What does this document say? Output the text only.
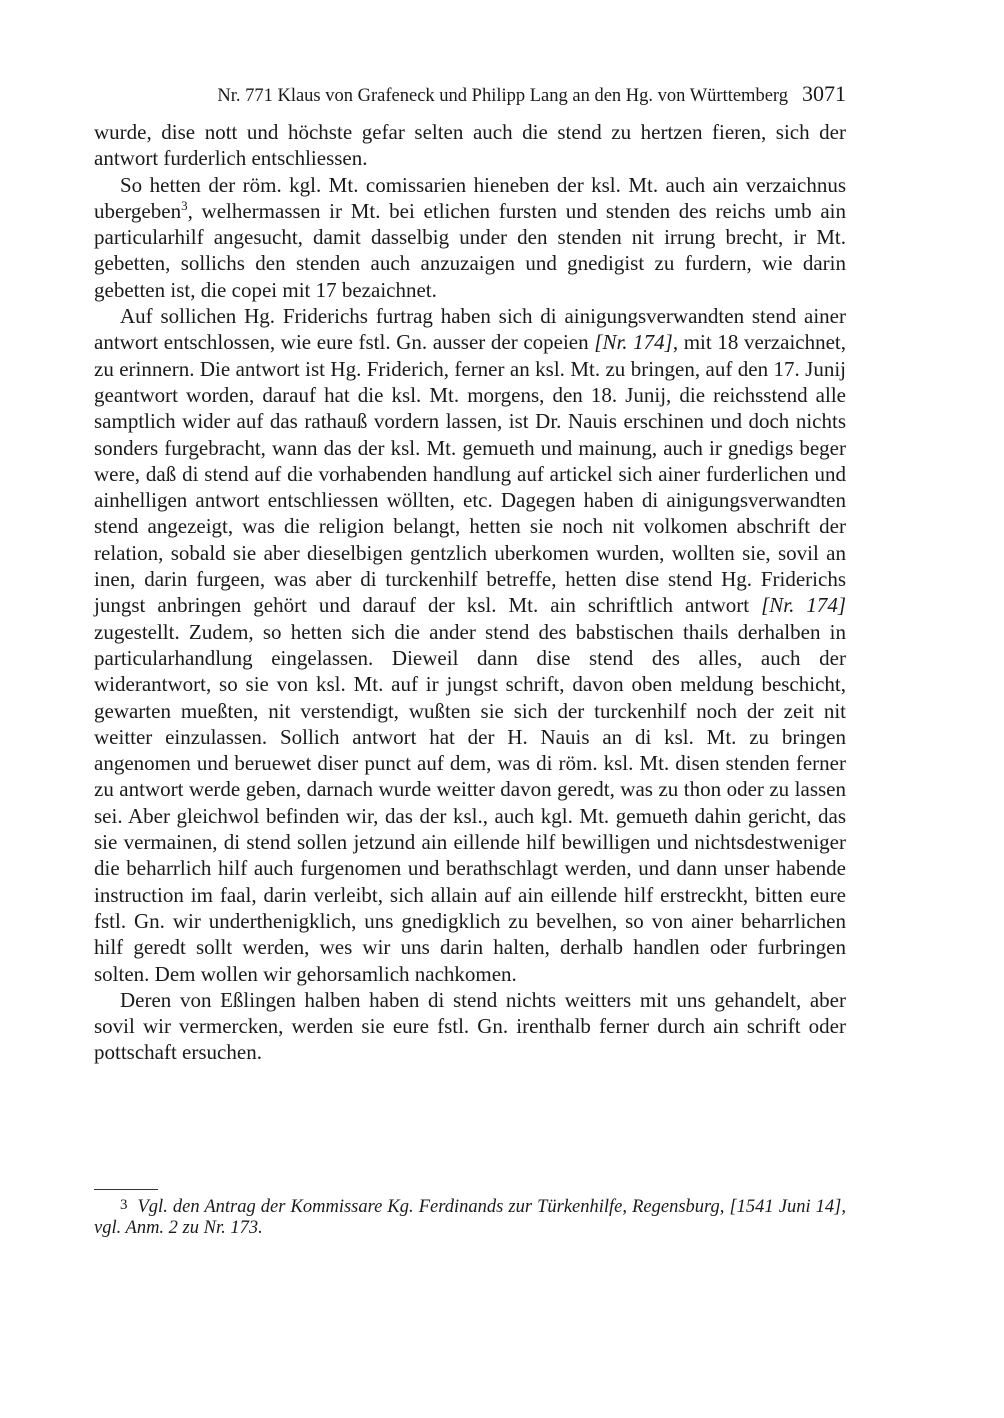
Nr. 771 Klaus von Grafeneck und Philipp Lang an den Hg. von Württemberg 3071

wurde, dise nott und höchste gefar selten auch die stend zu hertzen fieren, sich der antwort furderlich entschliessen.

So hetten der röm. kgl. Mt. comissarien hieneben der ksl. Mt. auch ain verzaichnus ubergeben$^3$, welhermassen ir Mt. bei etlichen fursten und stenden des reichs umb ain particularhilf angesucht, damit dasselbig under den stenden nit irrung brecht, ir Mt. gebetten, sollichs den stenden auch anzuzaigen und gnedigist zu furdern, wie darin gebetten ist, die copei mit 17 bezaichnet.

Auf sollichen Hg. Friderichs furtrag haben sich di ainigungsverwandten stend ainer antwort entschlossen, wie eure fstl. Gn. ausser der copeien [Nr. 174], mit 18 verzaichnet, zu erinnern. Die antwort ist Hg. Friderich, ferner an ksl. Mt. zu bringen, auf den 17. Junij geantwort worden, darauf hat die ksl. Mt. morgens, den 18. Junij, die reichsstend alle samptlich wider auf das rathauß vordern lassen, ist Dr. Nauis erschinen und doch nichts sonders furgebracht, wann das der ksl. Mt. gemueth und mainung, auch ir gnedigs beger were, daß di stend auf die vorhabenden handlung auf artickel sich ainer furderlichen und ainhelligen antwort entschliessen wöllten, etc. Dagegen haben di ainigungsverwandten stend angezeigt, was die religion belangt, hetten sie noch nit volkomen abschrift der relation, sobald sie aber dieselbigen gentzlich uberkomen wurden, wollten sie, sovil an inen, darin furgeen, was aber di turckenhilf betreffe, hetten dise stend Hg. Friderichs jungst anbringen gehört und darauf der ksl. Mt. ain schriftlich antwort [Nr. 174] zugestellt. Zudem, so hetten sich die ander stend des babstischen thails derhalben in particularhandlung eingelassen. Dieweil dann dise stend des alles, auch der widerantwort, so sie von ksl. Mt. auf ir jungst schrift, davon oben meldung beschicht, gewarten mueßten, nit verstendigt, wußten sie sich der turckenhilf noch der zeit nit weitter einzulassen. Sollich antwort hat der H. Nauis an di ksl. Mt. zu bringen angenomen und beruewet diser punct auf dem, was di röm. ksl. Mt. disen stenden ferner zu antwort werde geben, darnach wurde weitter davon geredt, was zu thon oder zu lassen sei. Aber gleichwol befinden wir, das der ksl., auch kgl. Mt. gemueth dahin gericht, das sie vermainen, di stend sollen jetzund ain eillende hilf bewilligen und nichtsdestweniger die beharrlich hilf auch furgenomen und berathschlagt werden, und dann unser habende instruction im faal, darin verleibt, sich allain auf ain eillende hilf erstreckht, bitten eure fstl. Gn. wir underthenigklich, uns gnedigklich zu bevelhen, so von ainer beharrlichen hilf geredt sollt werden, wes wir uns darin halten, derhalb handlen oder furbringen solten. Dem wollen wir gehorsamlich nachkomen.

Deren von Eßlingen halben haben di stend nichts weitters mit uns gehandelt, aber sovil wir vermercken, werden sie eure fstl. Gn. irenthalb ferner durch ain schrift oder pottschaft ersuchen.

3 Vgl. den Antrag der Kommissare Kg. Ferdinands zur Türkenhilfe, Regensburg, [1541 Juni 14], vgl. Anm. 2 zu Nr. 173.
